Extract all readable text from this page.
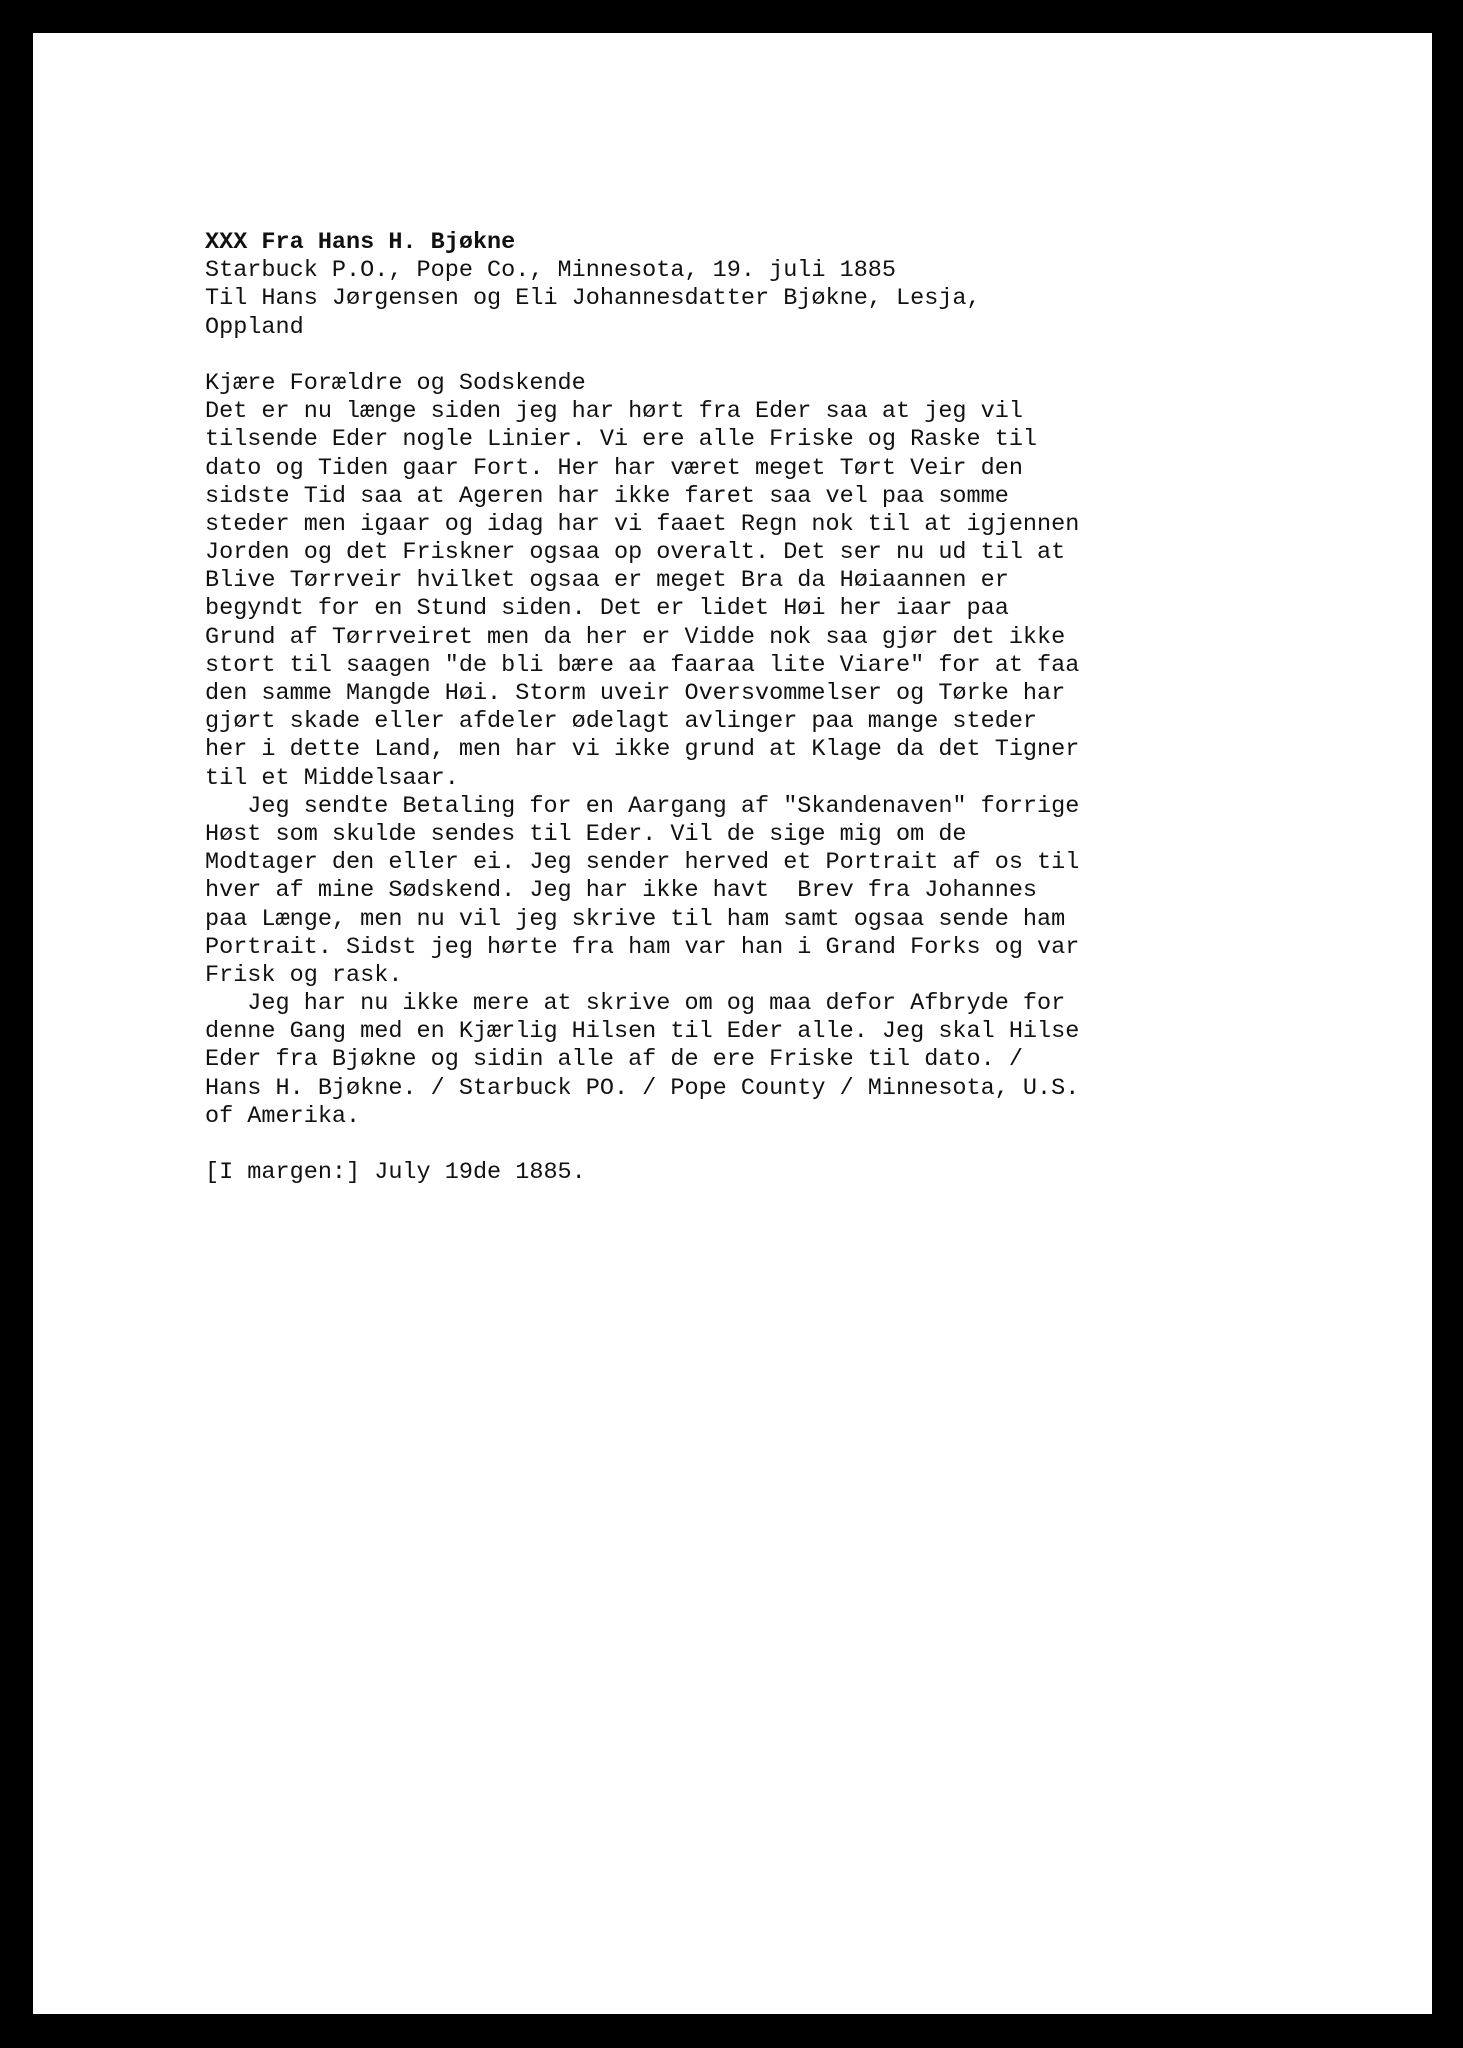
XXX Fra Hans H. Bjøkne
Starbuck P.O., Pope Co., Minnesota, 19. juli 1885
Til Hans Jørgensen og Eli Johannesdatter Bjøkne, Lesja,
Oppland
Kjære Forældre og Sodskende
Det er nu længe siden jeg har hørt fra Eder saa at jeg vil
tilsende Eder nogle Linier. Vi ere alle Friske og Raske til
dato og Tiden gaar Fort. Her har været meget Tørt Veir den
sidste Tid saa at Ageren har ikke faret saa vel paa somme
steder men igaar og idag har vi faaet Regn nok til at igjennen
Jorden og det Friskner ogsaa op overalt. Det ser nu ud til at
Blive Tørrveir hvilket ogsaa er meget Bra da Høiaannen er
begyndt for en Stund siden. Det er lidet Høi her iaar paa
Grund af Tørrveiret men da her er Vidde nok saa gjør det ikke
stort til saagen "de bli bære aa faaraa lite Viare" for at faa
den samme Mangde Høi. Storm uveir Oversvommelser og Tørke har
gjørt skade eller afdeler ødelagt avlinger paa mange steder
her i dette Land, men har vi ikke grund at Klage da det Tigner
til et Middelsaar.
Jeg sendte Betaling for en Aargang af "Skandenaven" forrige
Høst som skulde sendes til Eder. Vil de sige mig om de
Modtager den eller ei. Jeg sender herved et Portrait af os til
hver af mine Sødskend. Jeg har ikke havt  Brev fra Johannes
paa Længe, men nu vil jeg skrive til ham samt ogsaa sende ham
Portrait. Sidst jeg hørte fra ham var han i Grand Forks og var
Frisk og rask.
Jeg har nu ikke mere at skrive om og maa defor Afbryde for
denne Gang med en Kjærlig Hilsen til Eder alle. Jeg skal Hilse
Eder fra Bjøkne og sidin alle af de ere Friske til dato. /
Hans H. Bjøkne. / Starbuck PO. / Pope County / Minnesota, U.S.
of Amerika.
[I margen:] July 19de 1885.
